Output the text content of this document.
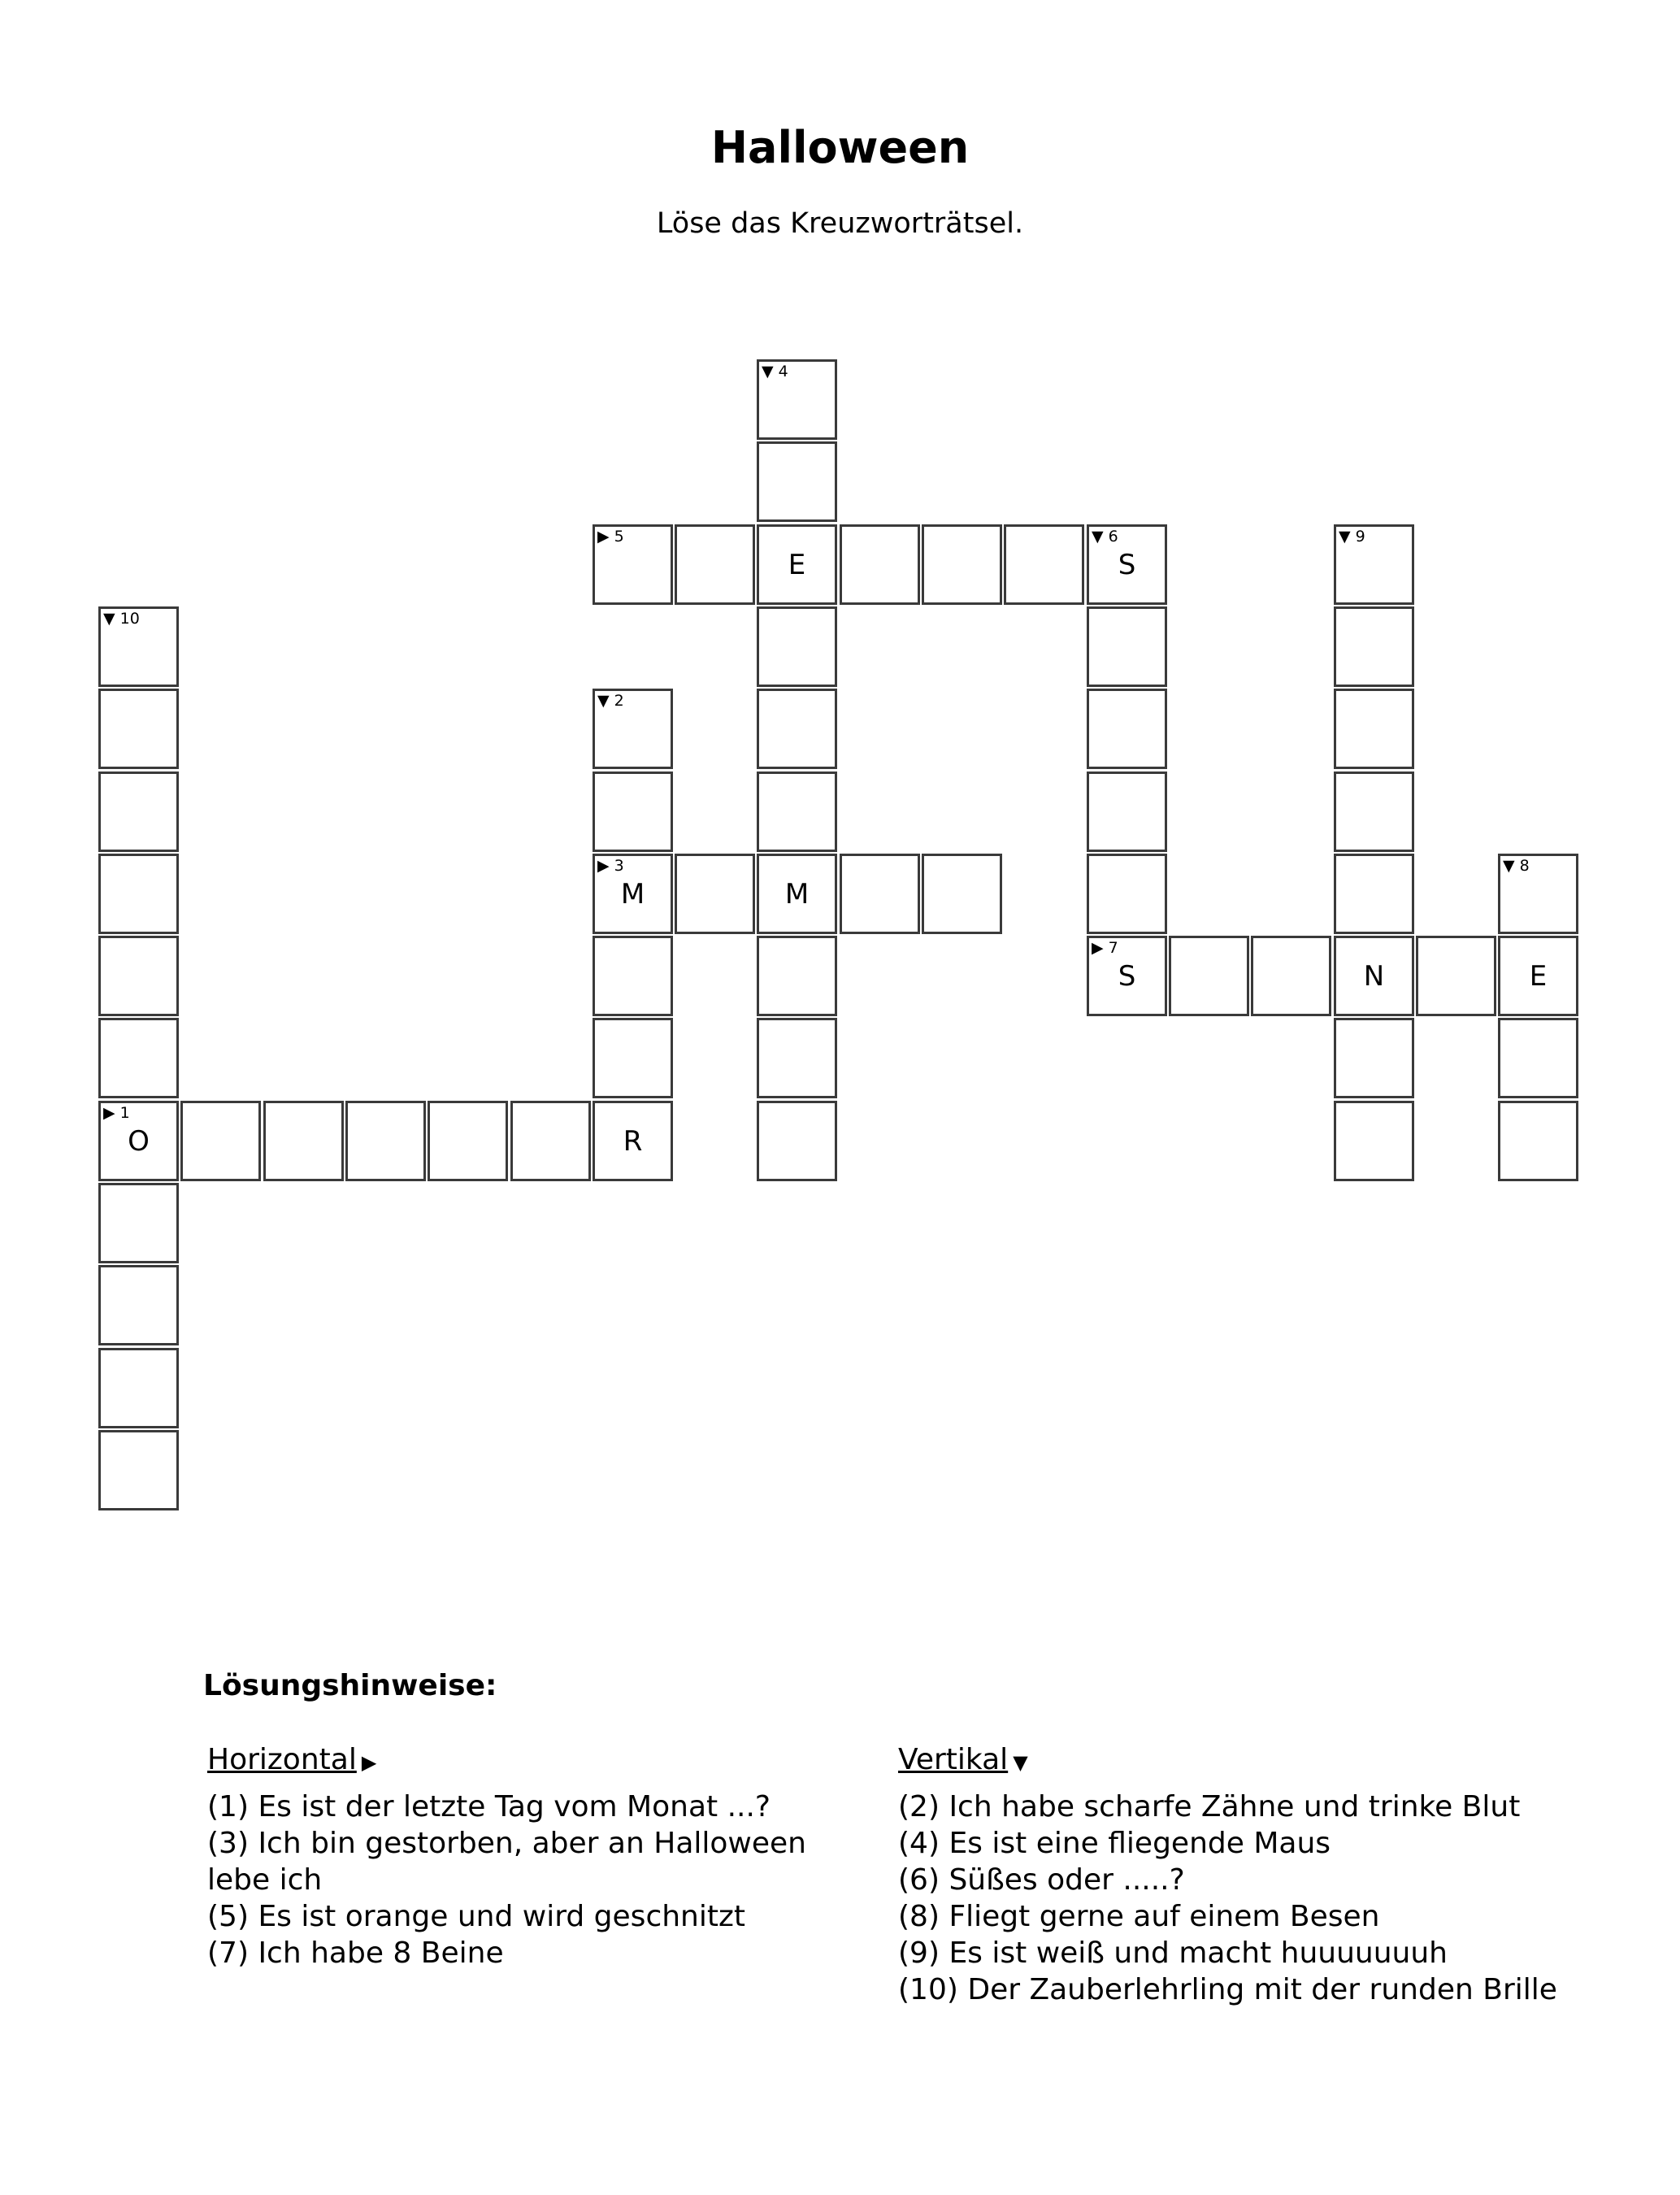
Halloween
Löse das Kreuzworträtsel.
▼ 4
▶ 5
E
▼ 6
S
▼ 9
▼ 10
▼ 2
▶ 3
M	M
▼ 8
▶ 7
S	N	E
▶ 1
O	R
Lösungshinweise:
Horizontal ▶	Vertikal ▼
(1) Es ist der letzte Tag vom Monat ...?
(3) Ich bin gestorben, aber an Halloween lebe ich
(5) Es ist orange und wird geschnitzt
(7) Ich habe 8 Beine
(2) Ich habe scharfe Zähne und trinke Blut
(4) Es ist eine fliegende Maus
(6) Süßes oder .....?
(8) Fliegt gerne auf einem Besen
(9) Es ist weiß und macht huuuuuuuh
(10) Der Zauberlehrling mit der runden Brille
